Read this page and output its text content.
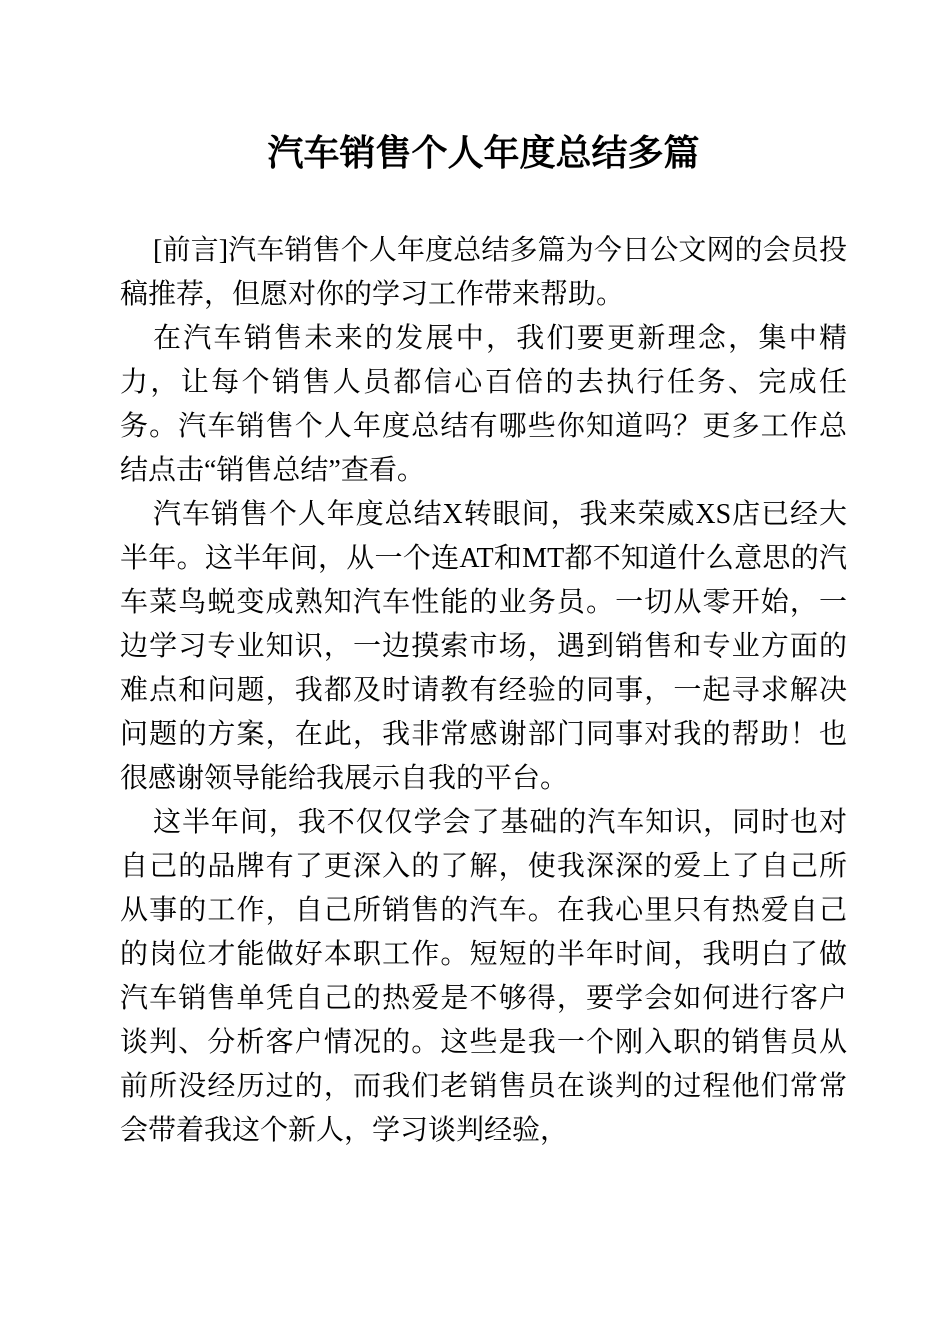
汽车销售个人年度总结多篇

[前言]汽车销售个人年度总结多篇为今日公文网的会员投稿推荐，但愿对你的学习工作带来帮助。

在汽车销售未来的发展中，我们要更新理念，集中精力，让每个销售人员都信心百倍的去执行任务、完成任务。汽车销售个人年度总结有哪些你知道吗？更多工作总结点击“销售总结”查看。

汽车销售个人年度总结X转眼间，我来荣威XS店已经大半年。这半年间，从一个连AT和MT都不知道什么意思的汽车菜鸟蜕变成熟知汽车性能的业务员。一切从零开始，一边学习专业知识，一边摸索市场，遇到销售和专业方面的难点和问题，我都及时请教有经验的同事，一起寻求解决问题的方案，在此，我非常感谢部门同事对我的帮助！也很感谢领导能给我展示自我的平台。

这半年间，我不仅仅学会了基础的汽车知识，同时也对自己的品牌有了更深入的了解，使我深深的爱上了自己所从事的工作，自己所销售的汽车。在我心里只有热爱自己的岗位才能做好本职工作。短短的半年时间，我明白了做汽车销售单凭自己的热爱是不够得，要学会如何进行客户谈判、分析客户情况的。这些是我一个刚入职的销售员从前所没经历过的，而我们老销售员在谈判的过程他们常常会带着我这个新人，学习谈判经验，
